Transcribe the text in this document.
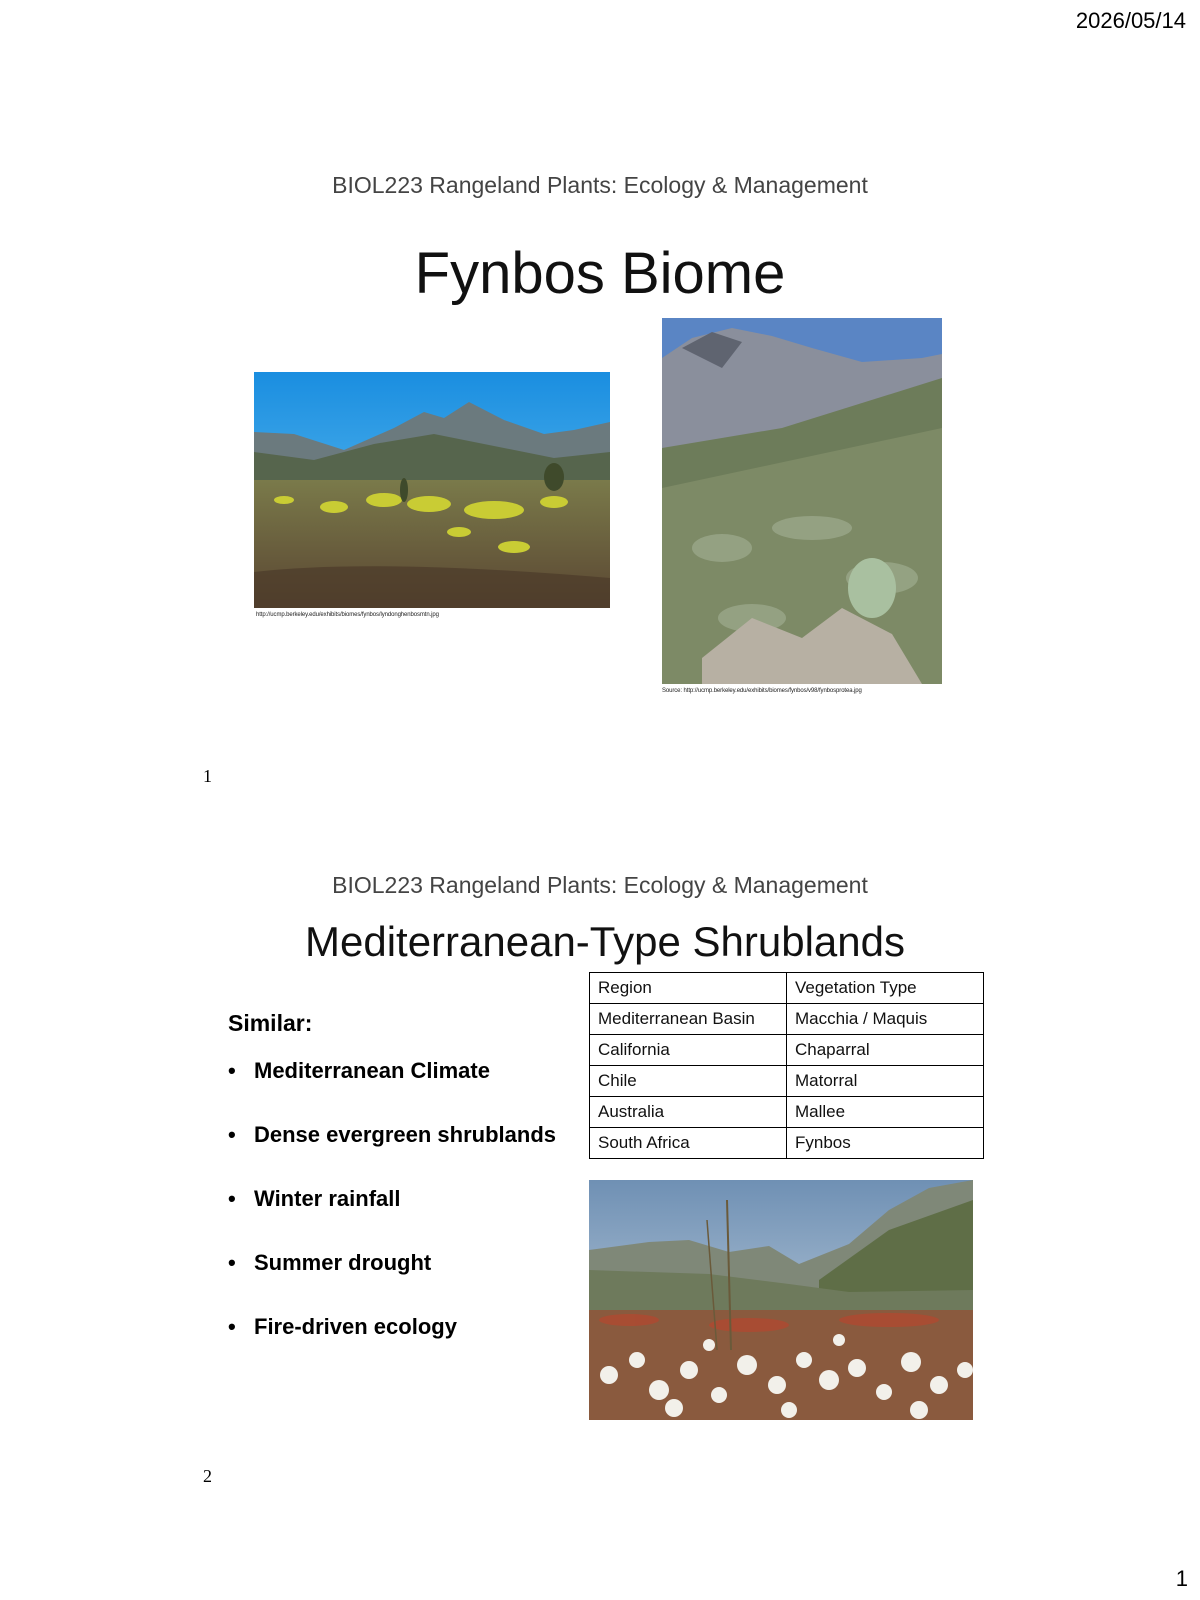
2026/05/14
1
BIOL223 Rangeland Plants: Ecology & Management
Fynbos Biome
http://ucmp.berkeley.edu/exhibits/biomes/fynbos/lyndonghenbosmtn.jpg
Source: http://ucmp.berkeley.edu/exhibits/biomes/fynbos/v98/fynbosprotea.jpg
1
BIOL223 Rangeland Plants: Ecology & Management
Mediterranean-Type Shrublands
Similar:
• Mediterranean Climate
• Dense evergreen shrublands
• Winter rainfall
• Summer drought
• Fire-driven ecology
Region	Vegetation Type
Mediterranean Basin	Macchia / Maquis
California	Chaparral
Chile	Matorral
Australia	Mallee
South Africa	Fynbos
2
